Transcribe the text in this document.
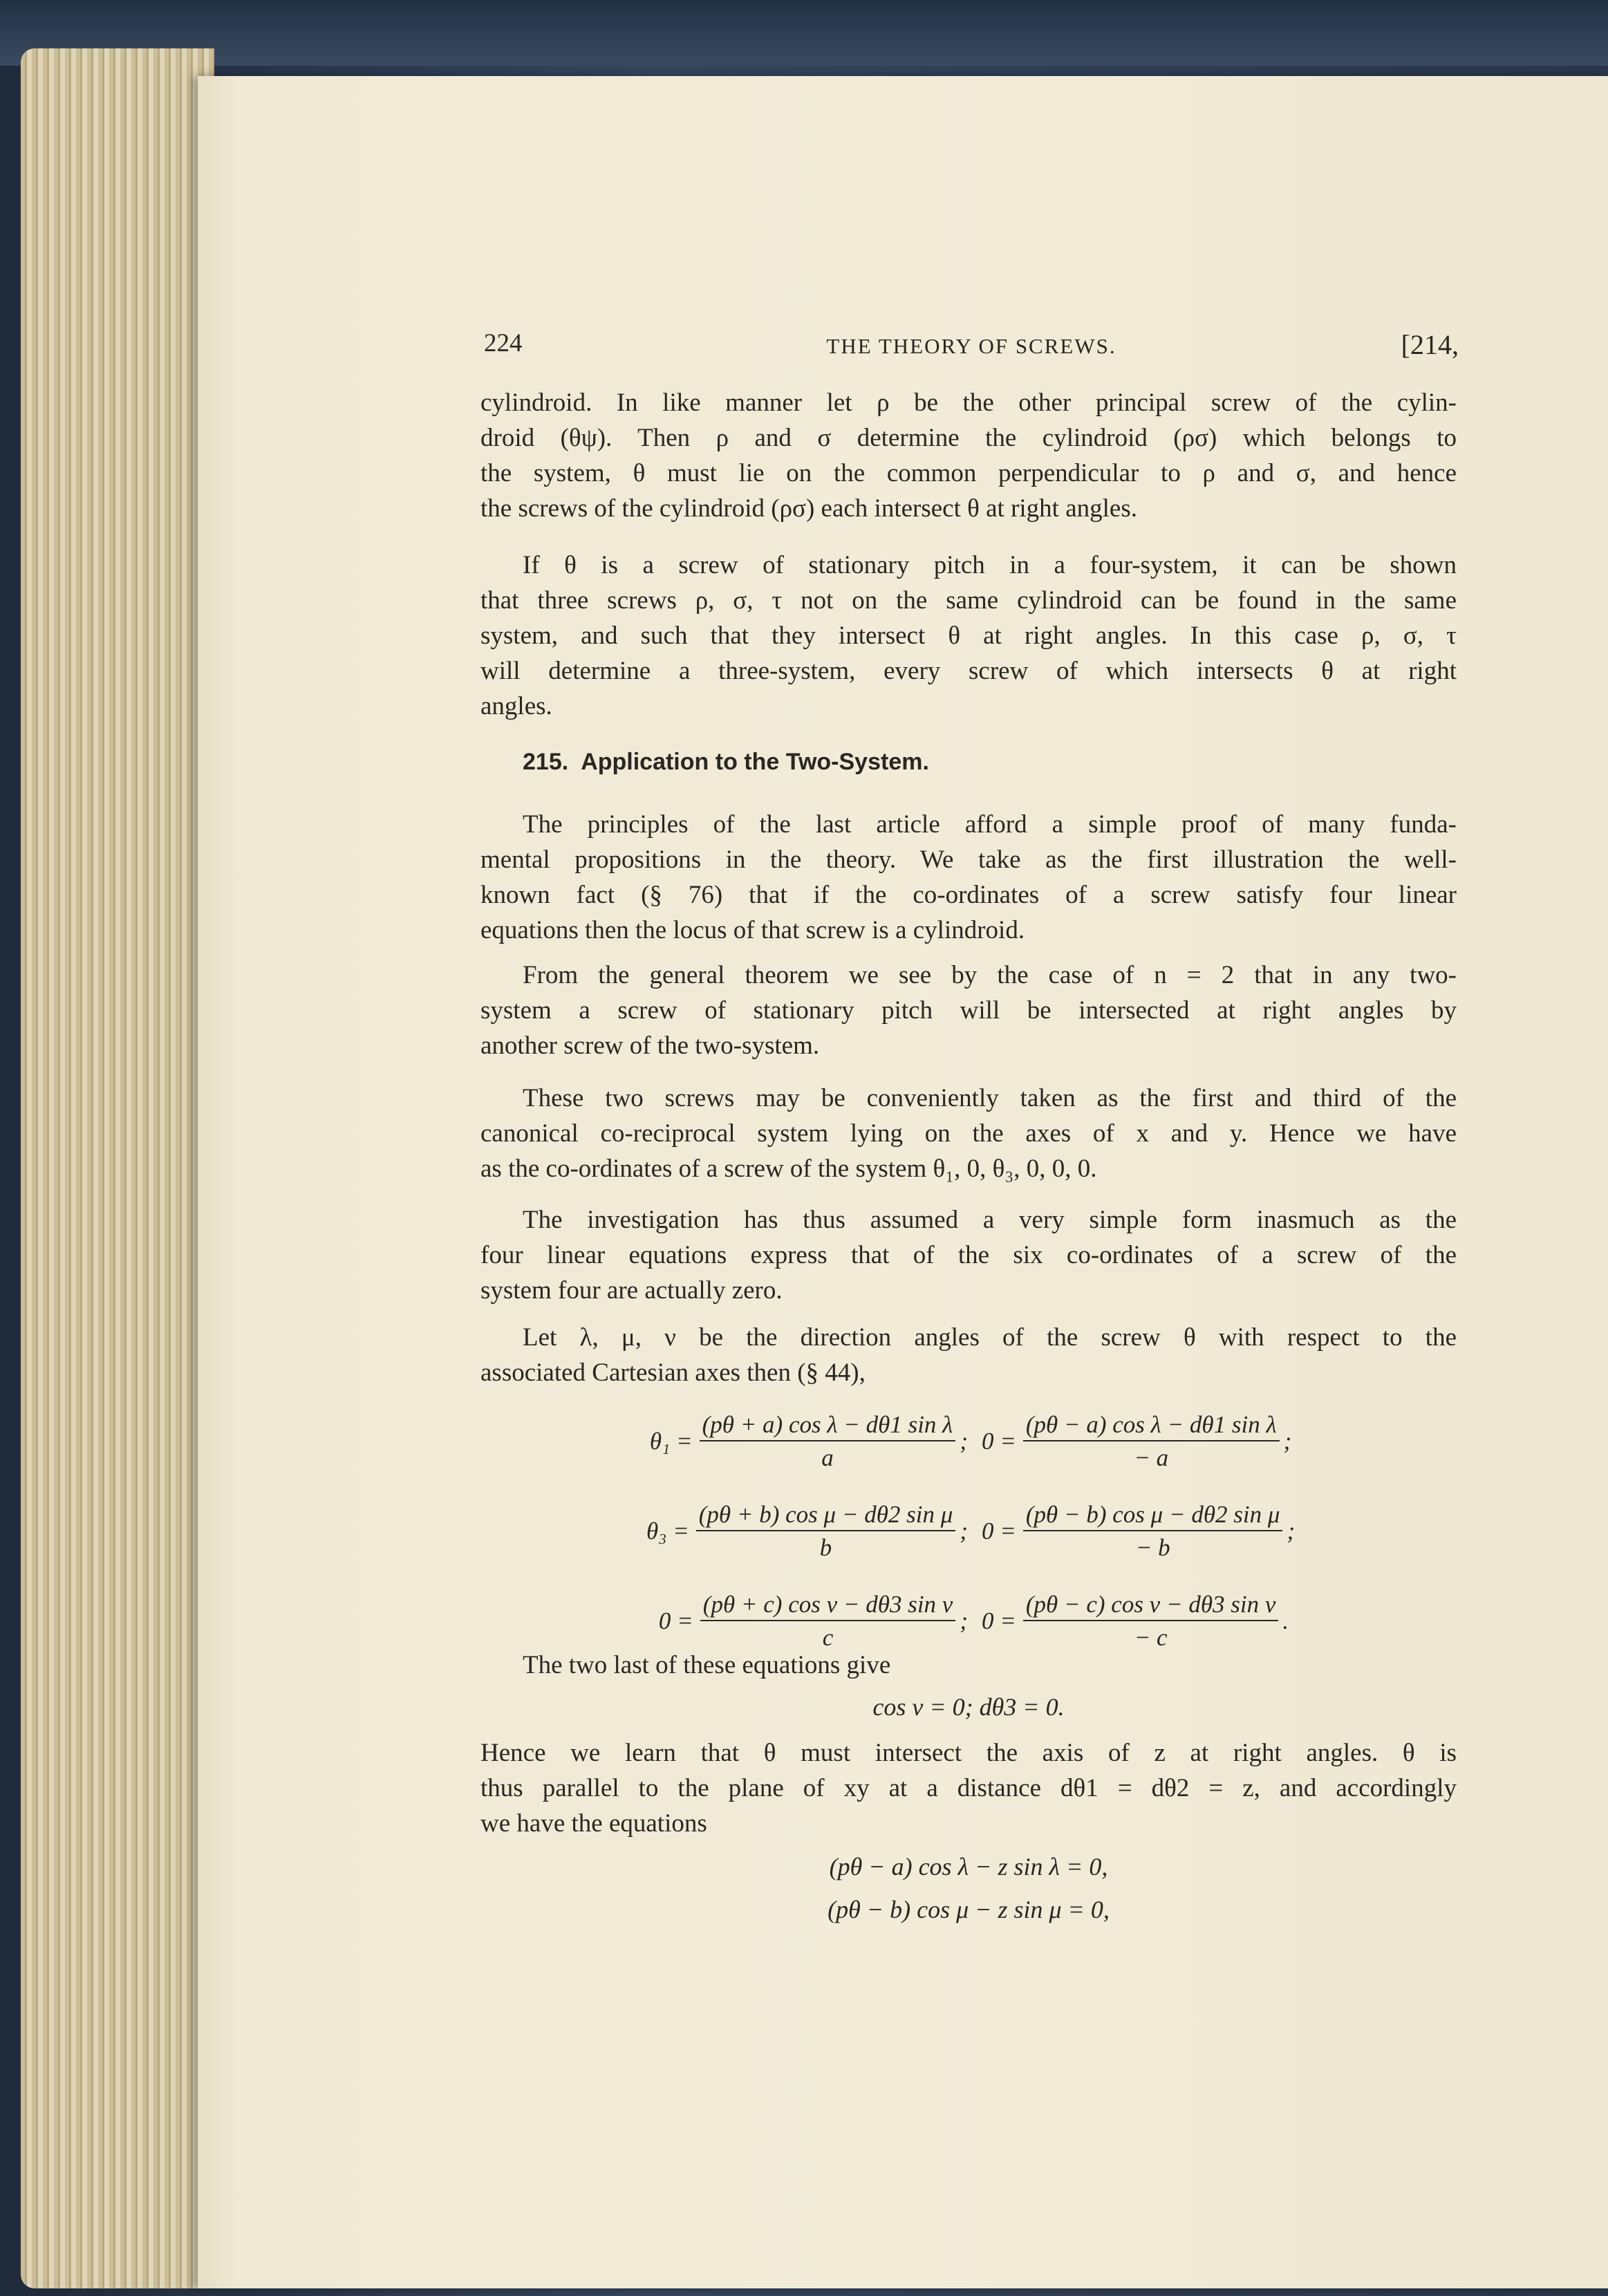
224	THE THEORY OF SCREWS.	[214,
cylindroid. In like manner let ρ be the other principal screw of the cylin-
droid (θψ). Then ρ and σ determine the cylindroid (ρσ) which belongs to
the system, θ must lie on the common perpendicular to ρ and σ, and hence
the screws of the cylindroid (ρσ) each intersect θ at right angles.
If θ is a screw of stationary pitch in a four-system, it can be shown
that three screws ρ, σ, τ not on the same cylindroid can be found in the same
system, and such that they intersect θ at right angles. In this case ρ, σ, τ
will determine a three-system, every screw of which intersects θ at right
angles.
215. Application to the Two-System.
The principles of the last article afford a simple proof of many funda-
mental propositions in the theory. We take as the first illustration the well-
known fact (§ 76) that if the co-ordinates of a screw satisfy four linear
equations then the locus of that screw is a cylindroid.
From the general theorem we see by the case of n = 2 that in any two-
system a screw of stationary pitch will be intersected at right angles by
another screw of the two-system.
These two screws may be conveniently taken as the first and third of the
canonical co-reciprocal system lying on the axes of x and y. Hence we have
as the co-ordinates of a screw of the system θ₁, 0, θ₃, 0, 0, 0.
The investigation has thus assumed a very simple form inasmuch as the
four linear equations express that of the six co-ordinates of a screw of the
system four are actually zero.
Let λ, μ, ν be the direction angles of the screw θ with respect to the
associated Cartesian axes then (§ 44),
$\theta_1 = \frac{\text{(pθ + a) cos λ − dθ1 sin λ}}{a}$ ; $0 = \frac{\text{(pθ − a) cos λ − dθ1 sin λ}}{- a}$ ;
$\theta_3 = \frac{\text{(pθ + b) cos μ − dθ2 sin μ}}{b}$ ; $0 = \frac{\text{(pθ − b) cos μ − dθ2 sin μ}}{- b}$ ;
$0 = \frac{\text{(pθ + c) cos ν − dθ3 sin ν}}{c}$ ; $0 = \frac{\text{(pθ − c) cos ν − dθ3 sin ν}}{- c}$ .
The two last of these equations give
cos ν = 0; dθ3 = 0.
Hence we learn that θ must intersect the axis of z at right angles. θ is
thus parallel to the plane of xy at a distance dθ1 = dθ2 = z, and accordingly
we have the equations
(pθ − a) cos λ − z sin λ = 0,
(pθ − b) cos μ − z sin μ = 0,
